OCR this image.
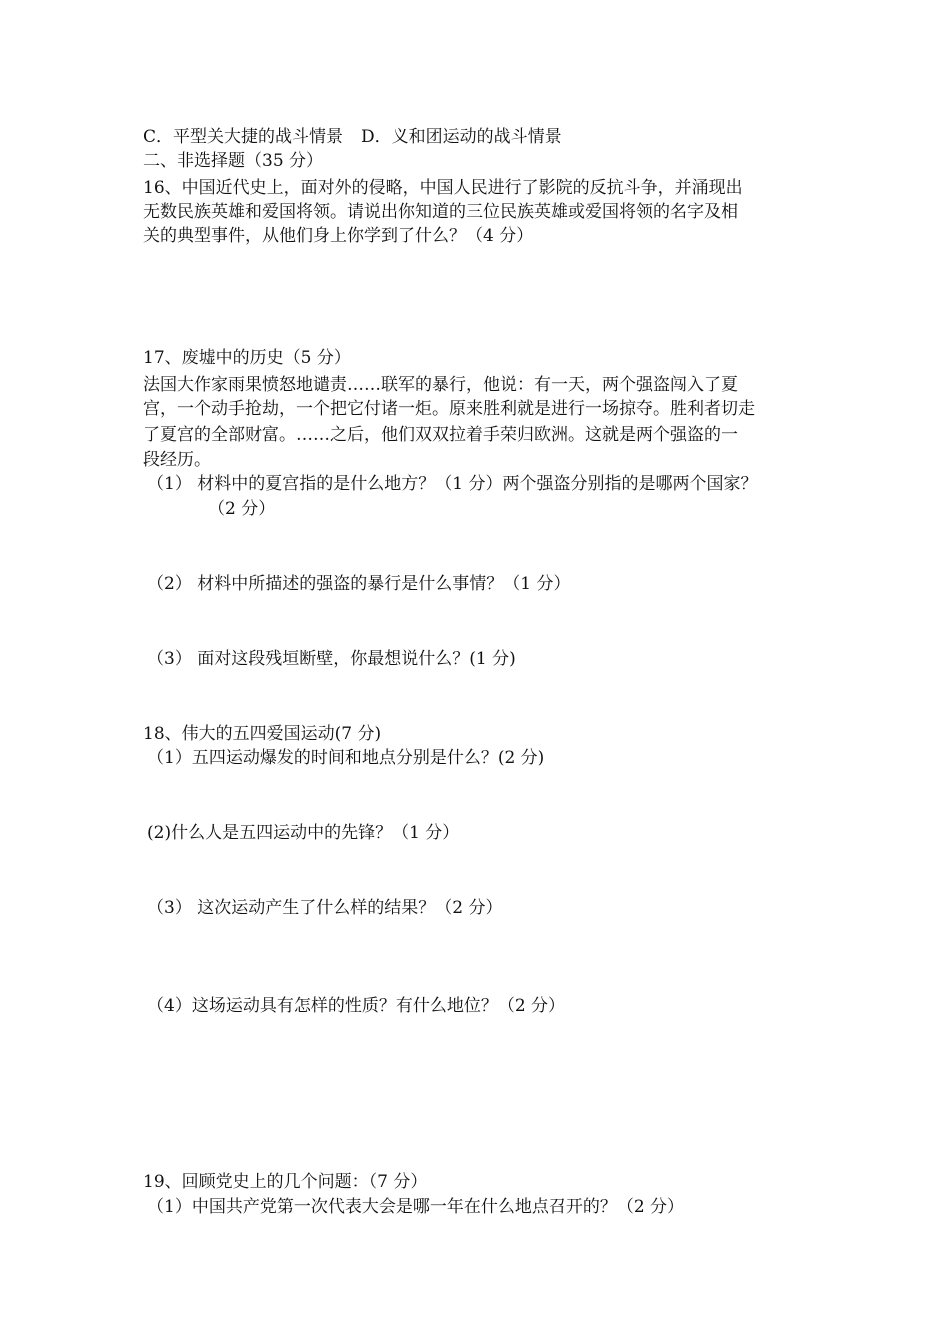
C．平型关大捷的战斗情景 D．义和团运动的战斗情景
二、非选择题（35 分）
16、中国近代史上，面对外的侵略，中国人民进行了影院的反抗斗争，并涌现出
无数民族英雄和爱国将领。请说出你知道的三位民族英雄或爱国将领的名字及相
关的典型事件，从他们身上你学到了什么？（4 分）
17、废墟中的历史（5 分）
法国大作家雨果愤怒地谴责……联军的暴行，他说：有一天，两个强盗闯入了夏
宫，一个动手抢劫，一个把它付诸一炬。原来胜利就是进行一场掠夺。胜利者切走
了夏宫的全部财富。……之后，他们双双拉着手荣归欧洲。这就是两个强盗的一
段经历。
（1） 材料中的夏宫指的是什么地方？（1 分）两个强盗分别指的是哪两个国家？
（2 分）
（2） 材料中所描述的强盗的暴行是什么事情？（1 分）
（3） 面对这段残垣断壁，你最想说什么？(1 分)
18、伟大的五四爱国运动(7 分)
（1）五四运动爆发的时间和地点分别是什么？(2 分)
(2)什么人是五四运动中的先锋？（1 分）
（3） 这次运动产生了什么样的结果？（2 分）
（4）这场运动具有怎样的性质？有什么地位？（2 分）
19、回顾党史上的几个问题：（7 分）
（1）中国共产党第一次代表大会是哪一年在什么地点召开的？（2 分）
